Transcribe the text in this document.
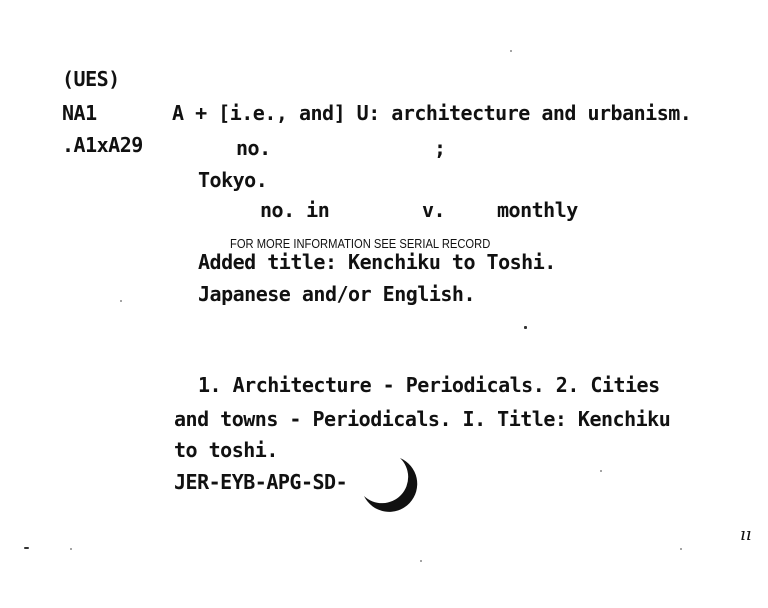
(UES)
NA1
.A1xA29
A + [i.e., and] U: architecture and urbanism.
no.	;
Tokyo.
no. in	v.	monthly
FOR MORE INFORMATION SEE SERIAL RECORD
Added title: Kenchiku to Toshi.
Japanese and/or English.
1. Architecture - Periodicals. 2. Cities
and towns - Periodicals. I. Title: Kenchiku
to toshi.
JER-EYB-APG-SD-
ıı
